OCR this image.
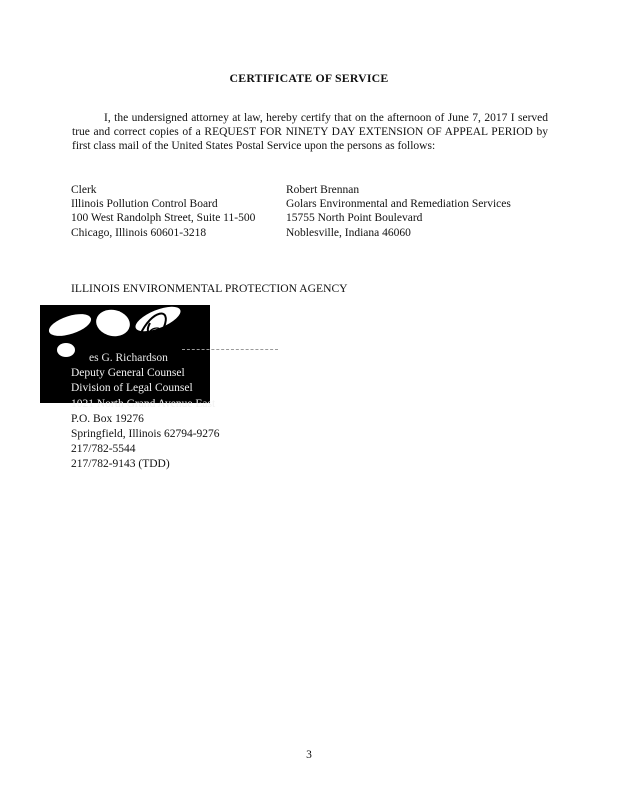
CERTIFICATE OF SERVICE
I, the undersigned attorney at law, hereby certify that on the afternoon of June 7, 2017 I served true and correct copies of a REQUEST FOR NINETY DAY EXTENSION OF APPEAL PERIOD by first class mail of the United States Postal Service upon the persons as follows:
Clerk
Illinois Pollution Control Board
100 West Randolph Street, Suite 11-500
Chicago, Illinois 60601-3218
Robert Brennan
Golars Environmental and Remediation Services
15755 North Point Boulevard
Noblesville, Indiana 46060
ILLINOIS ENVIRONMENTAL PROTECTION AGENCY
es G. Richardson
Deputy General Counsel
Division of Legal Counsel
1021 North Grand Avenue East
P.O. Box 19276
Springfield, Illinois 62794-9276
217/782-5544
217/782-9143 (TDD)
3
